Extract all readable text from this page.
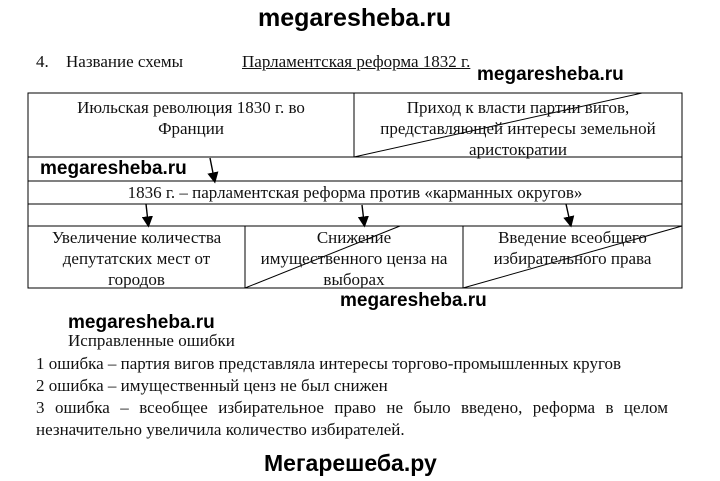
megaresheba.ru
4. Название схемы	Парламентская реформа 1832 г.
Июльская революция 1830 г. во
Франции
Приход к власти партии вигов,
представляющей интересы земельной
аристократии
1836 г. – парламентская реформа против «карманных округов»
Увеличение количества
депутатских мест от
городов
Снижение
имущественного ценза на
выборах
Введение всеобщего
избирательного права
megaresheba.ru
megaresheba.ru
megaresheba.ru
megaresheba.ru
Исправленные ошибки
1 ошибка – партия вигов представляла интересы торгово-промышленных кругов
2 ошибка – имущественный ценз не был снижен
3 ошибка – всеобщее избирательное право не было введено, реформа в целом
незначительно увеличила количество избирателей.
Мегарешеба.ру
